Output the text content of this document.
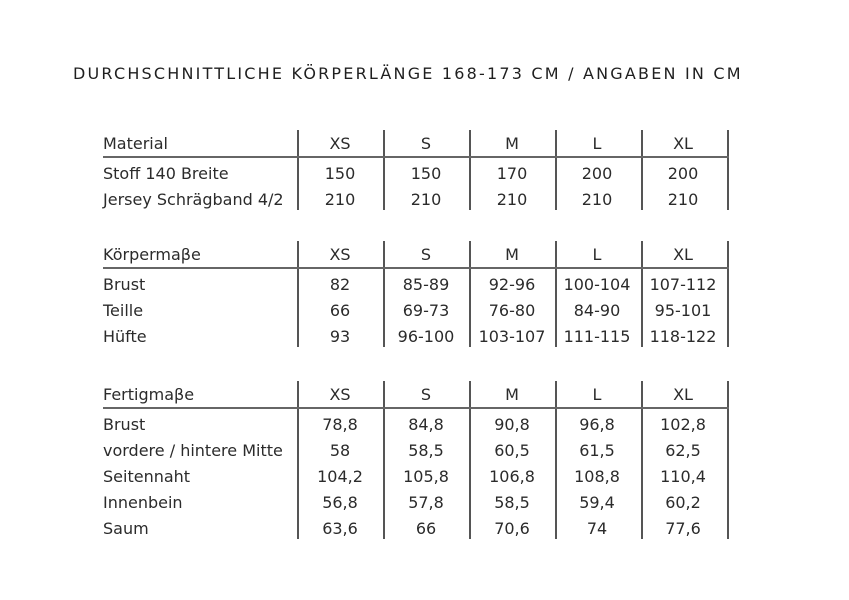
DURCHSCHNITTLICHE KÖRPERLÄNGE 168-173 CM / ANGABEN IN CM
Material	XS	S	M	L	XL
Stoff 140 Breite	150	150	170	200	200
Jersey Schrägband 4/2	210	210	210	210	210
Körpermaβe	XS	S	M	L	XL
Brust	82	85-89	92-96	100-104	107-112
Teille	66	69-73	76-80	84-90	95-101
Hüfte	93	96-100	103-107	111-115	118-122
Fertigmaβe	XS	S	M	L	XL
Brust	78,8	84,8	90,8	96,8	102,8
vordere / hintere Mitte	58	58,5	60,5	61,5	62,5
Seitennaht	104,2	105,8	106,8	108,8	110,4
Innenbein	56,8	57,8	58,5	59,4	60,2
Saum	63,6	66	70,6	74	77,6
